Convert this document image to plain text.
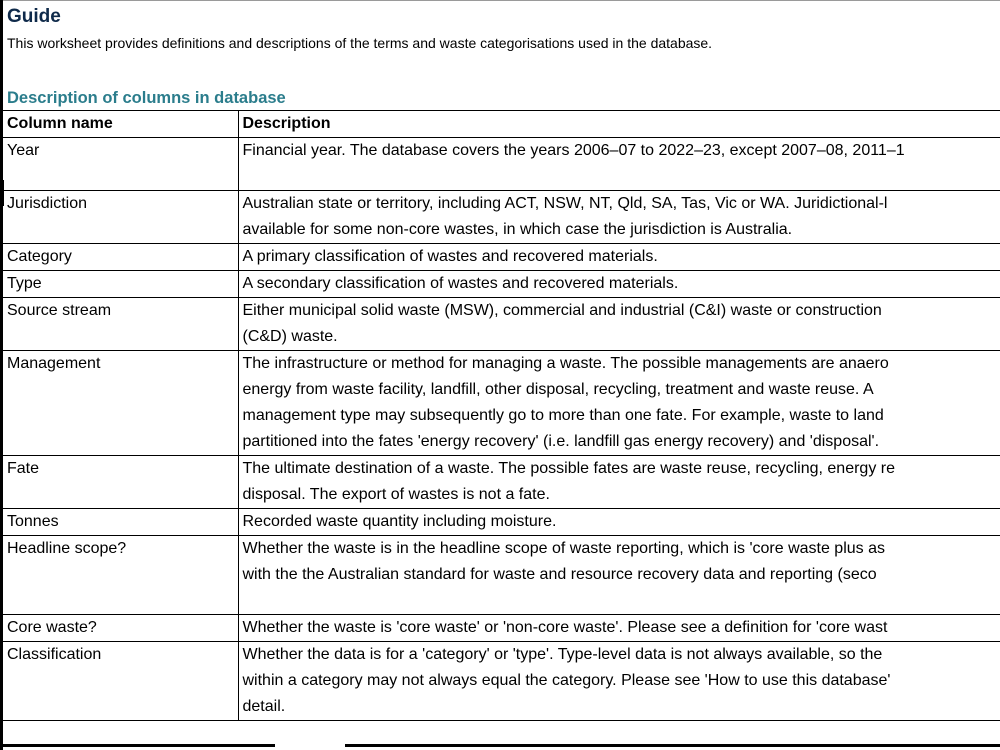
Guide
This worksheet provides definitions and descriptions of the terms and waste categorisations used in the database.
Description of columns in database
Column name	Description
Year	Financial year. The database covers the years 2006–07 to 2022–23, except 2007–08, 2011–1

Jurisdiction	Australian state or territory, including ACT, NSW, NT, Qld, SA, Tas, Vic or WA. Juridictional-l
available for some non-core wastes, in which case the jurisdiction is Australia.

Category	A primary classification of wastes and recovered materials.

Type	A secondary classification of wastes and recovered materials.

Source stream	Either municipal solid waste (MSW), commercial and industrial (C&I) waste or construction
(C&D) waste.

Management	The infrastructure or method for managing a waste. The possible managements are anaero
energy from waste facility, landfill, other disposal, recycling, treatment and waste reuse. A
management type may subsequently go to more than one fate. For example, waste to land
partitioned into the fates 'energy recovery' (i.e. landfill gas energy recovery) and 'disposal'.

Fate	The ultimate destination of a waste. The possible fates are waste reuse, recycling, energy re
disposal. The export of wastes is not a fate.

Tonnes	Recorded waste quantity including moisture.

Headline scope?	Whether the waste is in the headline scope of waste reporting, which is 'core waste plus as
with the the Australian standard for waste and resource recovery data and reporting (seco

Core waste?	Whether the waste is 'core waste' or 'non-core waste'. Please see a definition for 'core wast

Classification	Whether the data is for a 'category' or 'type'. Type-level data is not always available, so the
within a category may not always equal the category. Please see 'How to use this database'
detail.
